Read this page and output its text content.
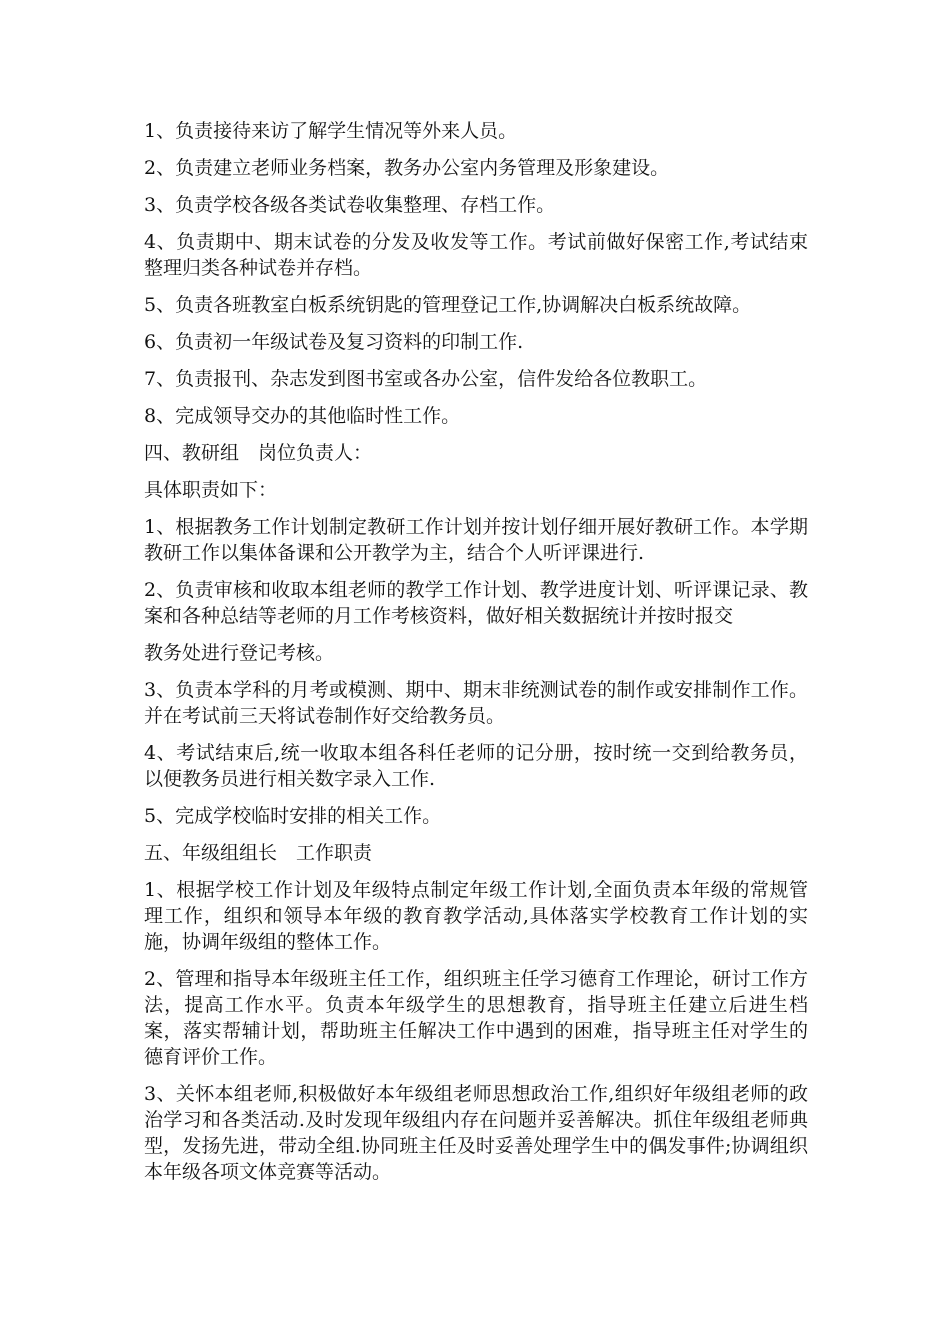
1、负责接待来访了解学生情况等外来人员。

2、负责建立老师业务档案，教务办公室内务管理及形象建设。

3、负责学校各级各类试卷收集整理、存档工作。

4、负责期中、期末试卷的分发及收发等工作。考试前做好保密工作,考试结束整理归类各种试卷并存档。

5、负责各班教室白板系统钥匙的管理登记工作,协调解决白板系统故障。

6、负责初一年级试卷及复习资料的印制工作.

7、负责报刊、杂志发到图书室或各办公室，信件发给各位教职工。

8、完成领导交办的其他临时性工作。

四、教研组　岗位负责人：

具体职责如下：

1、根据教务工作计划制定教研工作计划并按计划仔细开展好教研工作。本学期教研工作以集体备课和公开教学为主，结合个人听评课进行.

2、负责审核和收取本组老师的教学工作计划、教学进度计划、听评课记录、教案和各种总结等老师的月工作考核资料，做好相关数据统计并按时报交

教务处进行登记考核。

3、负责本学科的月考或模测、期中、期末非统测试卷的制作或安排制作工作。并在考试前三天将试卷制作好交给教务员。

4、考试结束后,统一收取本组各科任老师的记分册，按时统一交到给教务员，以便教务员进行相关数字录入工作.

5、完成学校临时安排的相关工作。

五、年级组组长　工作职责

1、根据学校工作计划及年级特点制定年级工作计划,全面负责本年级的常规管理工作，组织和领导本年级的教育教学活动,具体落实学校教育工作计划的实施，协调年级组的整体工作。

2、管理和指导本年级班主任工作，组织班主任学习德育工作理论，研讨工作方法，提高工作水平。负责本年级学生的思想教育，指导班主任建立后进生档案，落实帮辅计划，帮助班主任解决工作中遇到的困难，指导班主任对学生的德育评价工作。

3、关怀本组老师,积极做好本年级组老师思想政治工作,组织好年级组老师的政治学习和各类活动.及时发现年级组内存在问题并妥善解决。抓住年级组老师典型，发扬先进，带动全组.协同班主任及时妥善处理学生中的偶发事件;协调组织本年级各项文体竞赛等活动。
